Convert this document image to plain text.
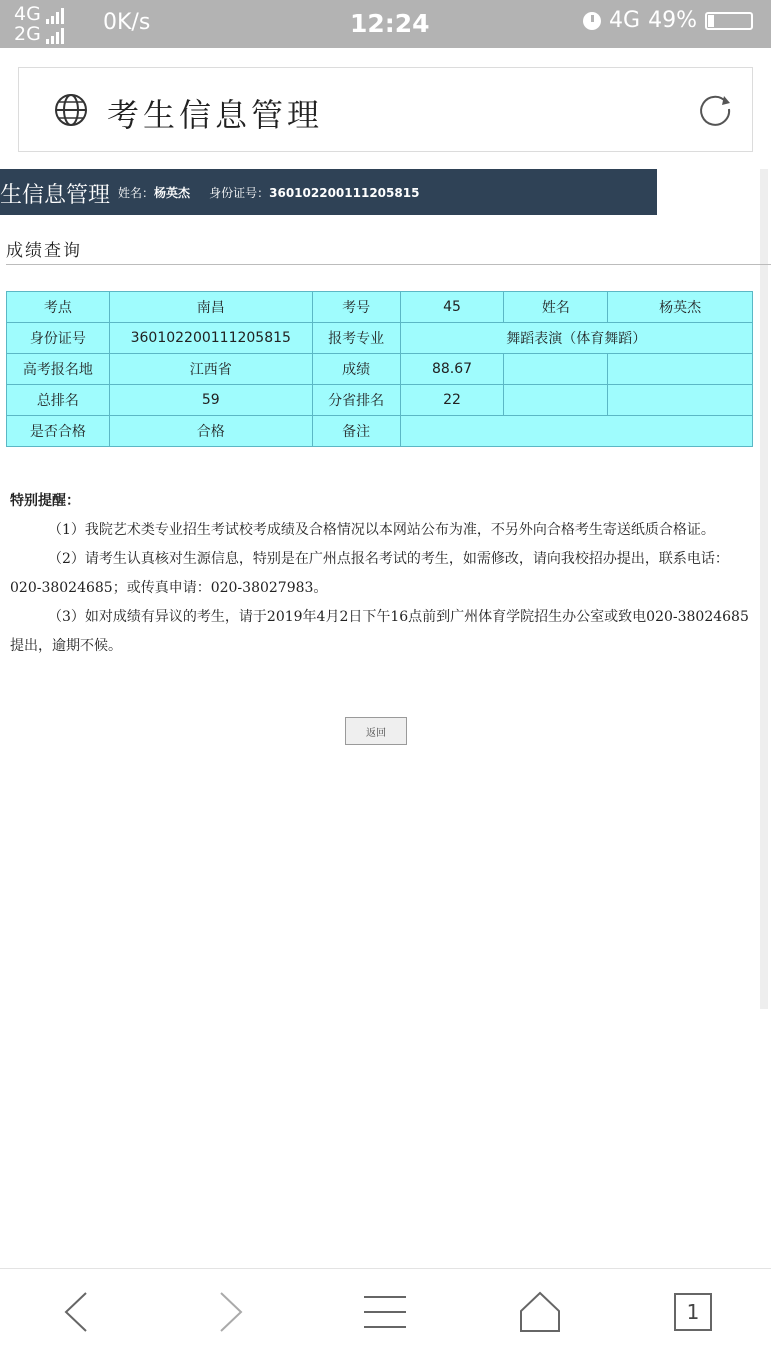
4G
2G	0K/s	12:24	4G 49%
考生信息管理
生信息管理 姓名：杨英杰 身份证号：360102200111205815
成绩查询
考点	南昌	考号	45	姓名	杨英杰
身份证号	360102200111205815	报考专业	舞蹈表演（体育舞蹈）		
高考报名地	江西省	成绩	88.67		
总排名	59	分省排名	22		
是否合格	合格	备注			
特别提醒：

（1）我院艺术类专业招生考试校考成绩及合格情况以本网站公布为准，不另外向合格考生寄送纸质合格证。

（2）请考生认真核对生源信息，特别是在广州点报名考试的考生，如需修改，请向我校招办提出，联系电话：020-38024685；或传真申请：020-38027983。

（3）如对成绩有异议的考生，请于2019年4月2日下午16点前到广州体育学院招生办公室或致电020-38024685提出，逾期不候。

返回
1
